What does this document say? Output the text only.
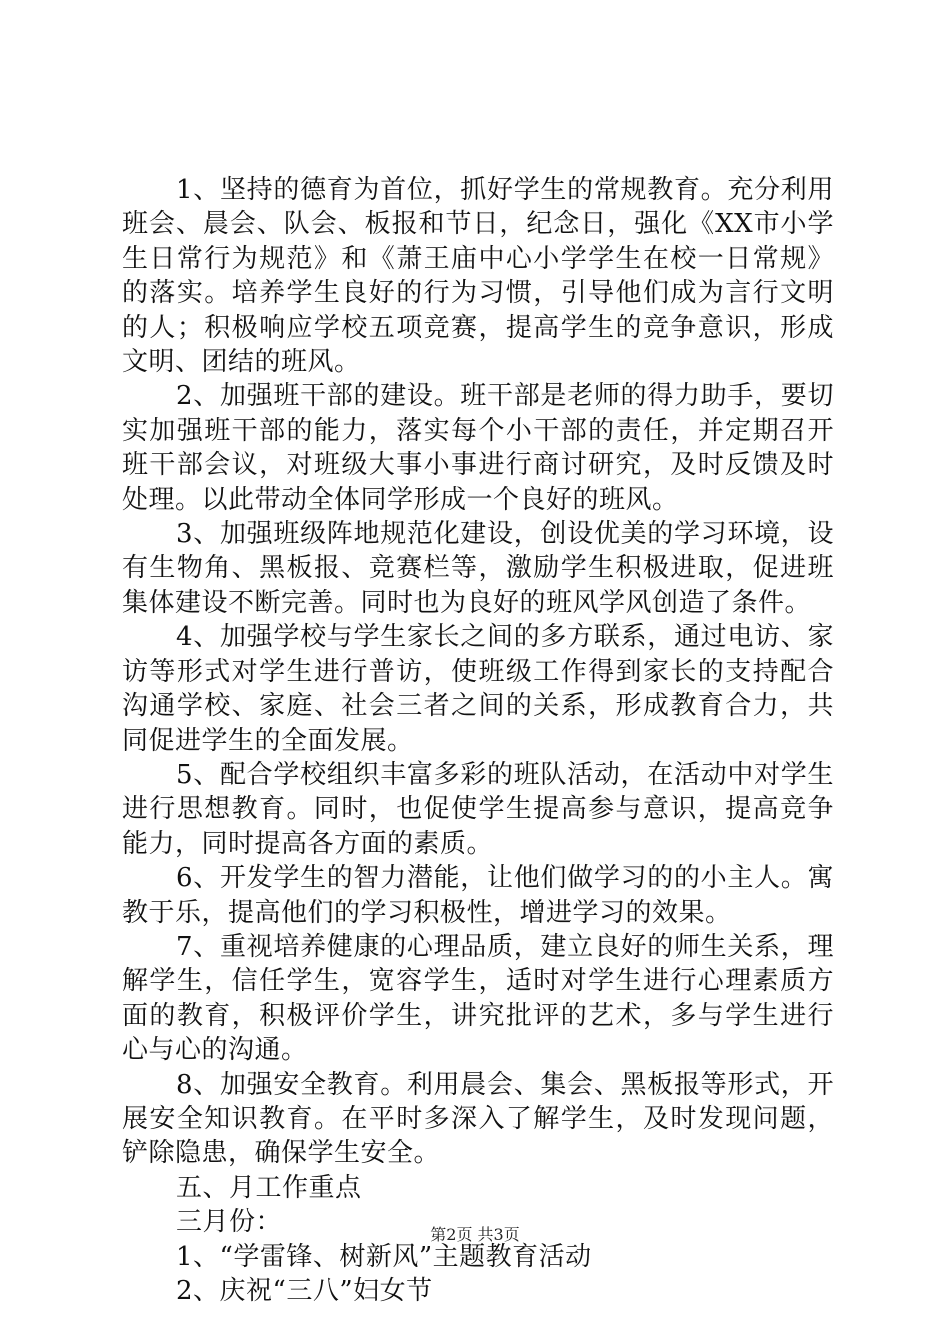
1、坚持的德育为首位，抓好学生的常规教育。充分利用班会、晨会、队会、板报和节日，纪念日，强化《XX市小学生日常行为规范》和《萧王庙中心小学学生在校一日常规》的落实。培养学生良好的行为习惯，引导他们成为言行文明的人；积极响应学校五项竞赛，提高学生的竞争意识，形成文明、团结的班风。

2、加强班干部的建设。班干部是老师的得力助手，要切实加强班干部的能力，落实每个小干部的责任，并定期召开班干部会议，对班级大事小事进行商讨研究，及时反馈及时处理。以此带动全体同学形成一个良好的班风。

3、加强班级阵地规范化建设，创设优美的学习环境，设有生物角、黑板报、竞赛栏等，激励学生积极进取，促进班集体建设不断完善。同时也为良好的班风学风创造了条件。

4、加强学校与学生家长之间的多方联系，通过电访、家访等形式对学生进行普访，使班级工作得到家长的支持配合沟通学校、家庭、社会三者之间的关系，形成教育合力，共同促进学生的全面发展。

5、配合学校组织丰富多彩的班队活动，在活动中对学生进行思想教育。同时，也促使学生提高参与意识，提高竞争能力，同时提高各方面的素质。

6、开发学生的智力潜能，让他们做学习的的小主人。寓教于乐，提高他们的学习积极性，增进学习的效果。

7、重视培养健康的心理品质，建立良好的师生关系，理解学生，信任学生，宽容学生，适时对学生进行心理素质方面的教育，积极评价学生，讲究批评的艺术，多与学生进行心与心的沟通。

8、加强安全教育。利用晨会、集会、黑板报等形式，开展安全知识教育。在平时多深入了解学生，及时发现问题，铲除隐患，确保学生安全。

五、月工作重点

三月份：

1、“学雷锋、树新风”主题教育活动

2、庆祝“三八”妇女节

第2页 共3页
